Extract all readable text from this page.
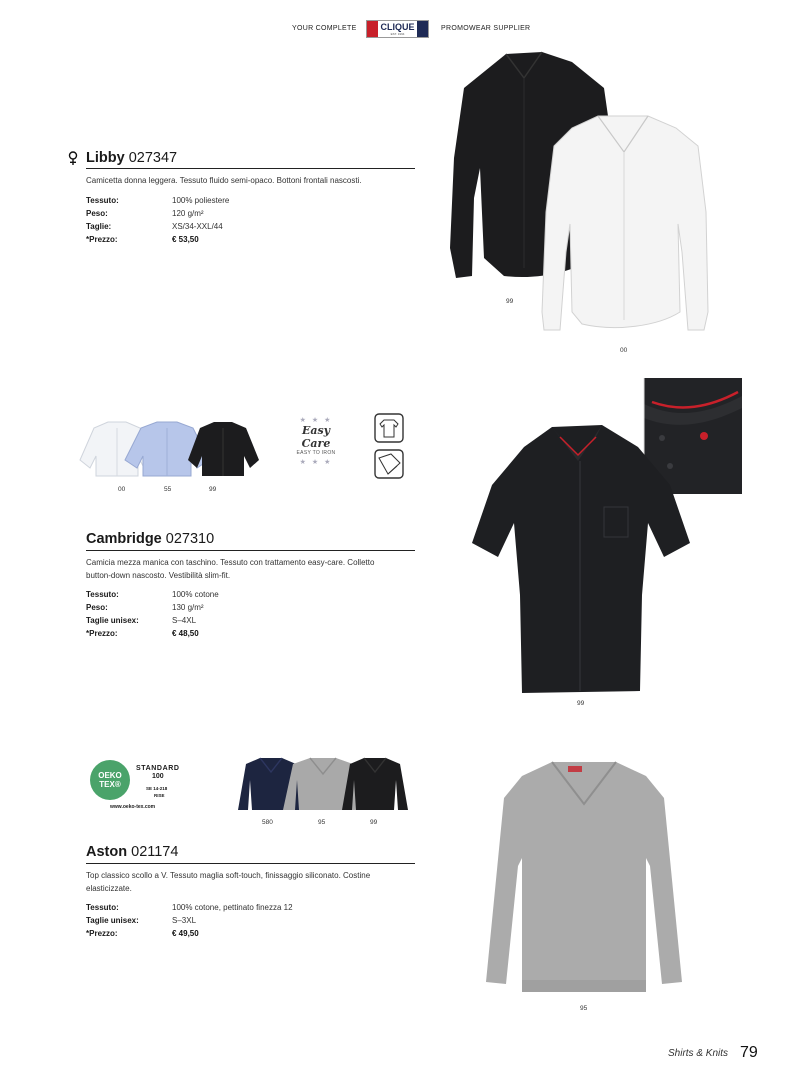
YOUR COMPLETE	CLIQUE
EST. 1994
PROMOWEAR SUPPLIER
99
00
Libby 027347
Camicetta donna leggera. Tessuto fluido semi-opaco. Bottoni frontali nascosti.
Tessuto:	100% poliestere
Peso:	120 g/m²
Taglie:	XS/34-XXL/44
*Prezzo:	€ 53,50
00	55	99
★ ★ ★
Easy Care
EASY TO IRON
★ ★ ★
99
Cambridge 027310
Camicia mezza manica con taschino. Tessuto con trattamento easy-care. Colletto
button-down nascosto. Vestibilità slim-fit.
Tessuto:	100% cotone
Peso:	130 g/m²
Taglie unisex:	S–4XL
*Prezzo:	€ 48,50
OEKO
TEX®
STANDARD
100
SE 14-218
RISE
www.oeko-tex.com
580	95	99
95
Aston 021174
Top classico scollo a V. Tessuto maglia soft-touch, finissaggio siliconato. Costine
elasticizzate.
Tessuto:	100% cotone, pettinato finezza 12
Taglie unisex:	S–3XL
*Prezzo:	€ 49,50
Shirts & Knits 79
